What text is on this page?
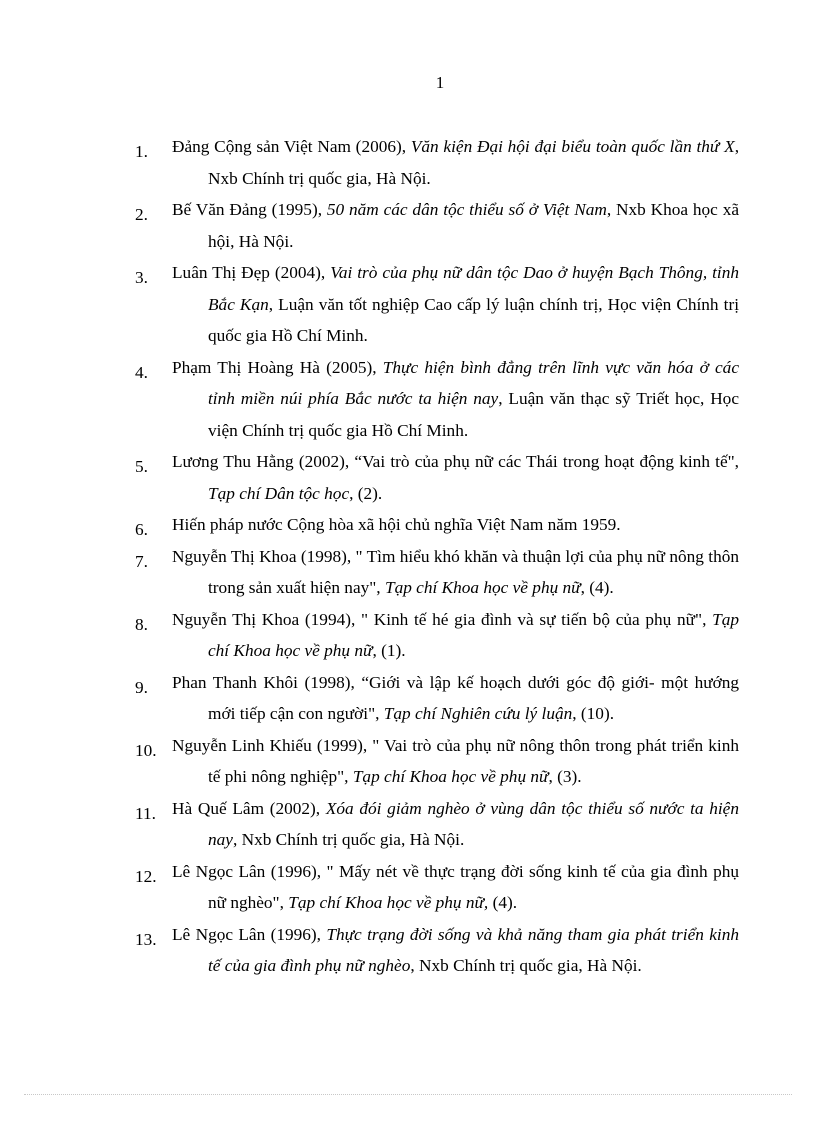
1
1. Đảng Cộng sản Việt Nam (2006), Văn kiện Đại hội đại biểu toàn quốc lần thứ X, Nxb Chính trị quốc gia, Hà Nội.
2. Bế Văn Đảng (1995), 50 năm các dân tộc thiểu số ở Việt Nam, Nxb Khoa học xã hội, Hà Nội.
3. Luân Thị Đẹp (2004), Vai trò của phụ nữ dân tộc Dao ở huyện Bạch Thông, tỉnh Bắc Kạn, Luận văn tốt nghiệp Cao cấp lý luận chính trị, Học viện Chính trị quốc gia Hồ Chí Minh.
4. Phạm Thị Hoàng Hà (2005), Thực hiện bình đẳng trên lĩnh vực văn hóa ở các tỉnh miền núi phía Bắc nước ta hiện nay, Luận văn thạc sỹ Triết học, Học viện Chính trị quốc gia Hồ Chí Minh.
5. Lương Thu Hằng (2002), “Vai trò của phụ nữ các Thái trong hoạt động kinh tế", Tạp chí Dân tộc học, (2).
6. Hiến pháp nước Cộng hòa xã hội chủ nghĩa Việt Nam năm 1959.
7. Nguyễn Thị Khoa (1998), " Tìm hiểu khó khăn và thuận lợi của phụ nữ nông thôn trong sản xuất hiện nay", Tạp chí Khoa học về phụ nữ, (4).
8. Nguyễn Thị Khoa (1994), " Kinh tế hé gia đình và sự tiến bộ của phụ nữ", Tạp chí Khoa học về phụ nữ, (1).
9. Phan Thanh Khôi (1998), “Giới và lập kế hoạch dưới góc độ giới- một hướng mới tiếp cận con người", Tạp chí Nghiên cứu lý luận, (10).
10. Nguyễn Linh Khiếu (1999), " Vai trò của phụ nữ nông thôn trong phát triển kinh tế phi nông nghiệp", Tạp chí Khoa học về phụ nữ, (3).
11. Hà Quế Lâm (2002), Xóa đói giảm nghèo ở vùng dân tộc thiểu số nước ta hiện nay, Nxb Chính trị quốc gia, Hà Nội.
12. Lê Ngọc Lân (1996), " Mấy nét về thực trạng đời sống kinh tế của gia đình phụ nữ nghèo", Tạp chí Khoa học về phụ nữ, (4).
13. Lê Ngọc Lân (1996), Thực trạng đời sống và khả năng tham gia phát triển kinh tế của gia đình phụ nữ nghèo, Nxb Chính trị quốc gia, Hà Nội.
